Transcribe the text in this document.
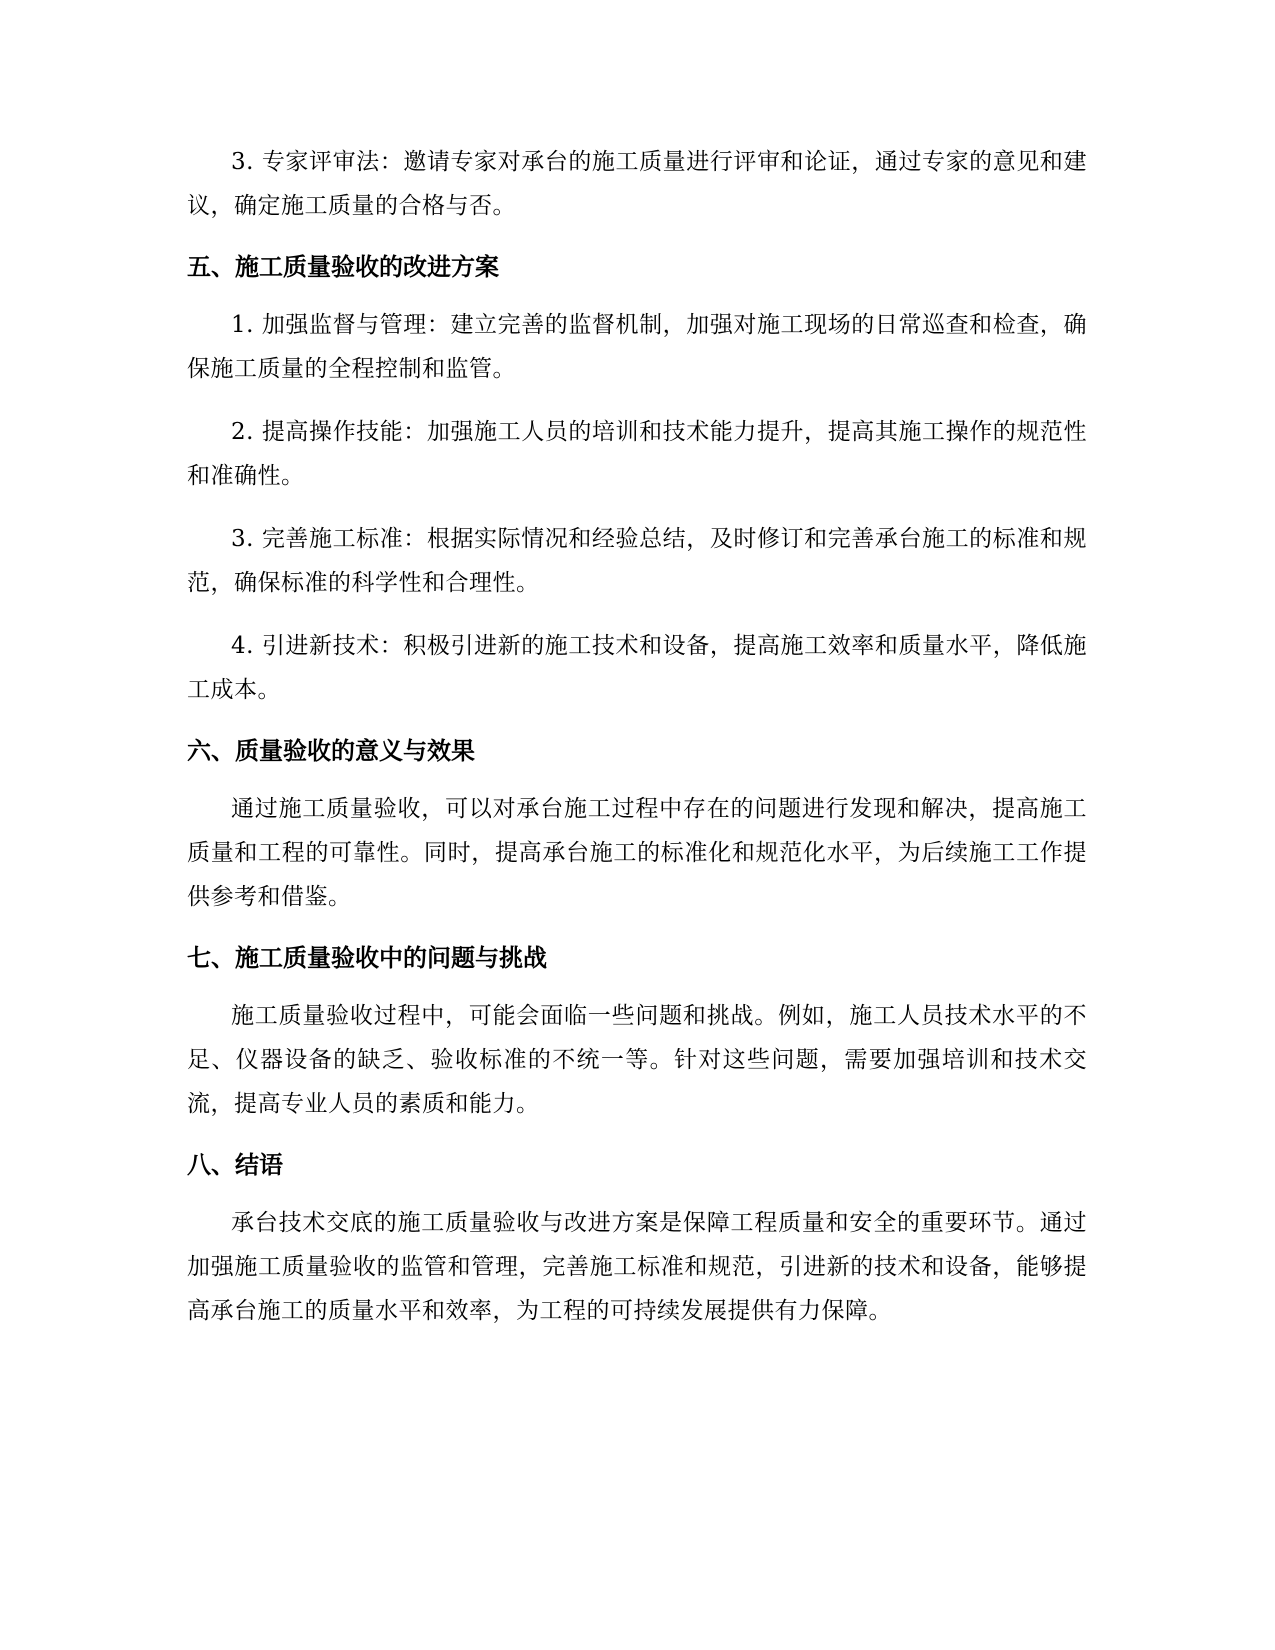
3. 专家评审法：邀请专家对承台的施工质量进行评审和论证，通过专家的意见和建议，确定施工质量的合格与否。

五、施工质量验收的改进方案

1. 加强监督与管理：建立完善的监督机制，加强对施工现场的日常巡查和检查，确保施工质量的全程控制和监管。

2. 提高操作技能：加强施工人员的培训和技术能力提升，提高其施工操作的规范性和准确性。

3. 完善施工标准：根据实际情况和经验总结，及时修订和完善承台施工的标准和规范，确保标准的科学性和合理性。

4. 引进新技术：积极引进新的施工技术和设备，提高施工效率和质量水平，降低施工成本。

六、质量验收的意义与效果

通过施工质量验收，可以对承台施工过程中存在的问题进行发现和解决，提高施工质量和工程的可靠性。同时，提高承台施工的标准化和规范化水平，为后续施工工作提供参考和借鉴。

七、施工质量验收中的问题与挑战

施工质量验收过程中，可能会面临一些问题和挑战。例如，施工人员技术水平的不足、仪器设备的缺乏、验收标准的不统一等。针对这些问题，需要加强培训和技术交流，提高专业人员的素质和能力。

八、结语

承台技术交底的施工质量验收与改进方案是保障工程质量和安全的重要环节。通过加强施工质量验收的监管和管理，完善施工标准和规范，引进新的技术和设备，能够提高承台施工的质量水平和效率，为工程的可持续发展提供有力保障。
